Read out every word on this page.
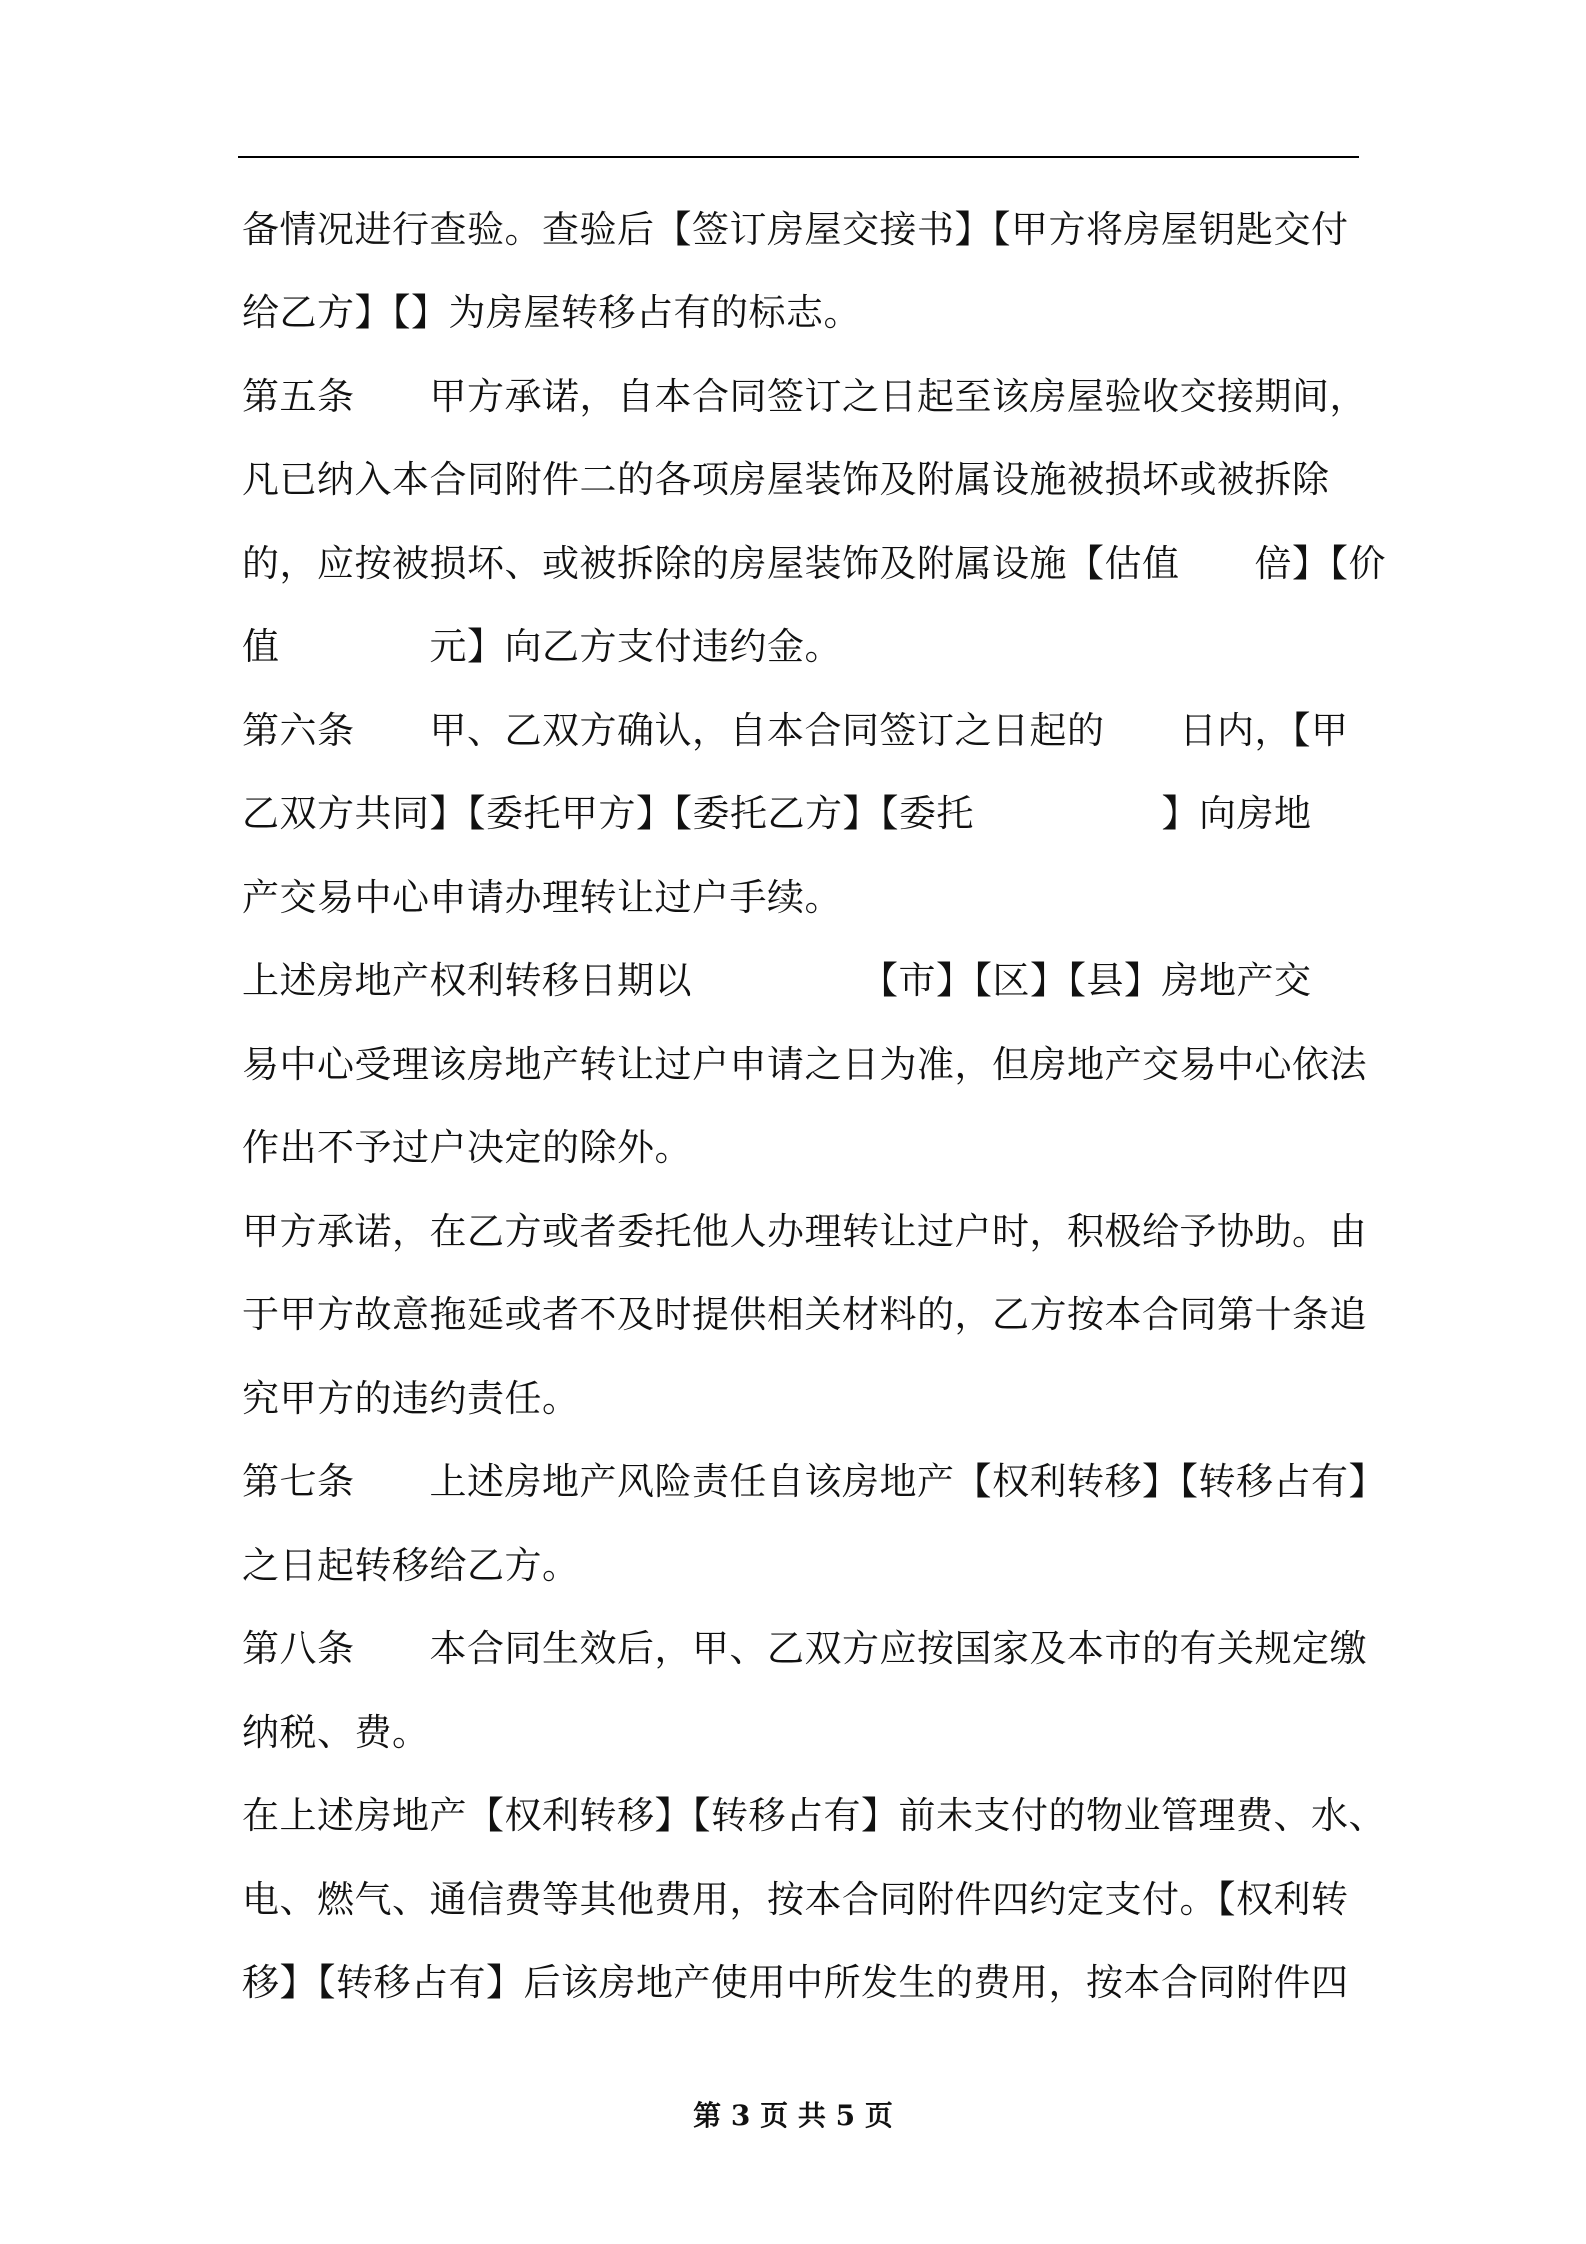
备情况进行查验。查验后【签订房屋交接书】【甲方将房屋钥匙交付
给乙方】【】为房屋转移占有的标志。
第五条　　甲方承诺，自本合同签订之日起至该房屋验收交接期间，
凡已纳入本合同附件二的各项房屋装饰及附属设施被损坏或被拆除
的，应按被损坏、或被拆除的房屋装饰及附属设施【估值　　倍】【价
值　　　　元】向乙方支付违约金。
第六条　　甲、乙双方确认，自本合同签订之日起的　　日内，【甲
乙双方共同】【委托甲方】【委托乙方】【委托　　　　　】向房地
产交易中心申请办理转让过户手续。
上述房地产权利转移日期以　　　　　【市】【区】【县】房地产交
易中心受理该房地产转让过户申请之日为准，但房地产交易中心依法
作出不予过户决定的除外。
甲方承诺，在乙方或者委托他人办理转让过户时，积极给予协助。由
于甲方故意拖延或者不及时提供相关材料的，乙方按本合同第十条追
究甲方的违约责任。
第七条　　上述房地产风险责任自该房地产【权利转移】【转移占有】
之日起转移给乙方。
第八条　　本合同生效后，甲、乙双方应按国家及本市的有关规定缴
纳税、费。
在上述房地产【权利转移】【转移占有】前未支付的物业管理费、水、
电、燃气、通信费等其他费用，按本合同附件四约定支付。【权利转
移】【转移占有】后该房地产使用中所发生的费用，按本合同附件四
第 3 页 共 5 页
